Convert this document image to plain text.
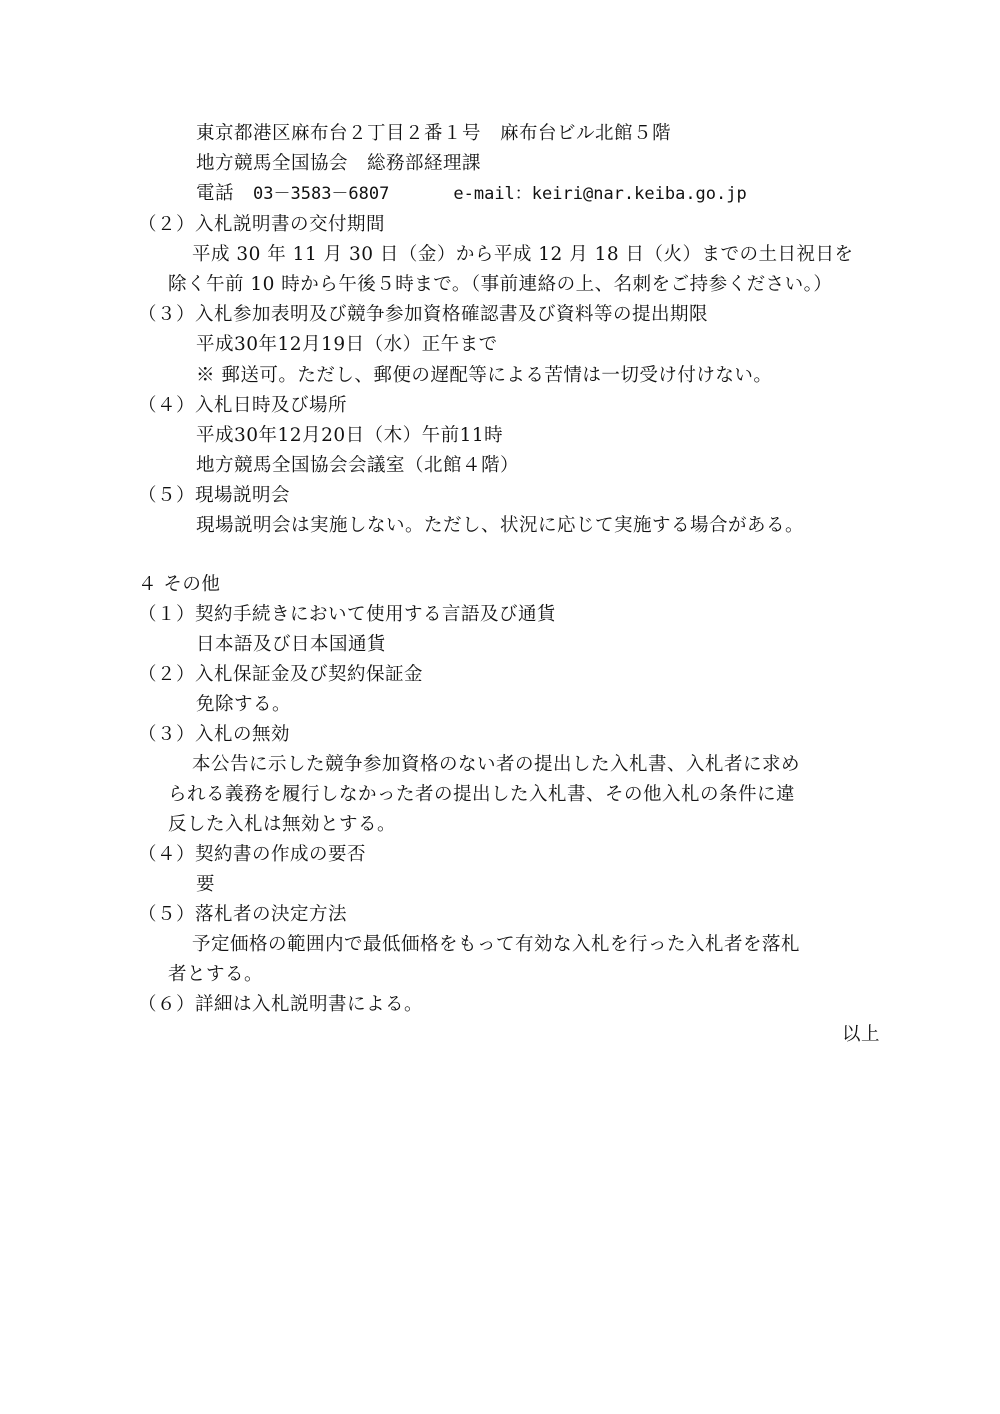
東京都港区麻布台２丁目２番１号　麻布台ビル北館５階
地方競馬全国協会　総務部経理課
電話　03－3583－6807	e-mail：keiri@nar.keiba.go.jp
（２）入札説明書の交付期間
平成 30 年 11 月 30 日（金）から平成 12 月 18 日（火）までの土日祝日を
除く午前 10 時から午後５時まで。（事前連絡の上、名刺をご持参ください。）
（３）入札参加表明及び競争参加資格確認書及び資料等の提出期限
平成30年12月19日（水）正午まで
※ 郵送可。ただし、郵便の遅配等による苦情は一切受け付けない。
（４）入札日時及び場所
平成30年12月20日（木）午前11時
地方競馬全国協会会議室（北館４階）
（５）現場説明会
現場説明会は実施しない。ただし、状況に応じて実施する場合がある。
４ その他
（１）契約手続きにおいて使用する言語及び通貨
日本語及び日本国通貨
（２）入札保証金及び契約保証金
免除する。
（３）入札の無効
本公告に示した競争参加資格のない者の提出した入札書、入札者に求め
られる義務を履行しなかった者の提出した入札書、その他入札の条件に違
反した入札は無効とする。
（４）契約書の作成の要否
要
（５）落札者の決定方法
予定価格の範囲内で最低価格をもって有効な入札を行った入札者を落札
者とする。
（６）詳細は入札説明書による。
以上
